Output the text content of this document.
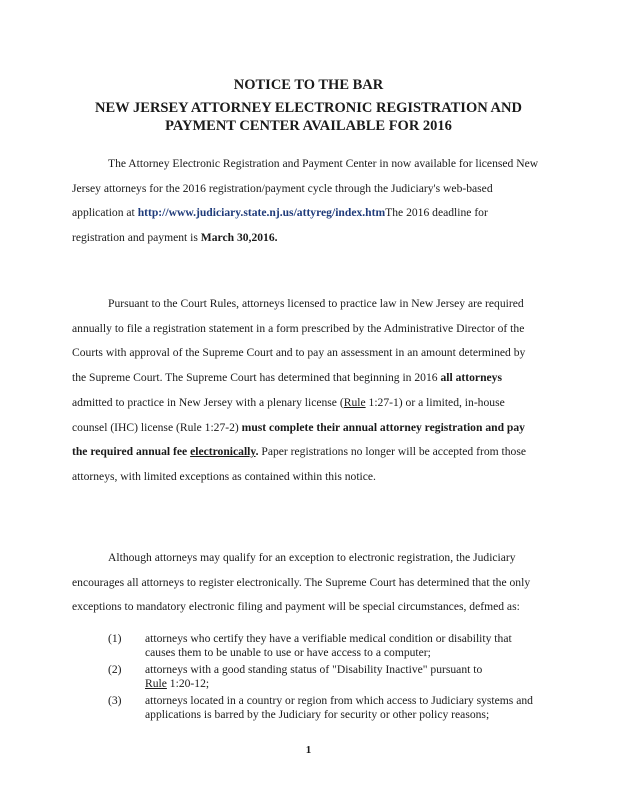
NOTICE TO THE BAR
NEW JERSEY ATTORNEY ELECTRONIC REGISTRATION AND
PAYMENT CENTER AVAILABLE FOR 2016
The Attorney Electronic Registration and Payment Center in now available for licensed New
Jersey attorneys for the 2016 registration/payment cycle through the Judiciary's web-based
application at http://www.judiciary.state.nj.us/attyreg/index.htmThe 2016 deadline for
registration and payment is March 30,2016.
Pursuant to the Court Rules, attorneys licensed to practice law in New Jersey are required
annually to file a registration statement in a form prescribed by the Administrative Director of the
Courts with approval of the Supreme Court and to pay an assessment in an amount determined by
the Supreme Court. The Supreme Court has determined that beginning in 2016 all attorneys
admitted to practice in New Jersey with a plenary license (Rule 1:27-1) or a limited, in-house
counsel (IHC) license (Rule 1:27-2) must complete their annual attorney registration and pay
the required annual fee electronically. Paper registrations no longer will be accepted from those
attorneys, with limited exceptions as contained within this notice.
Although attorneys may qualify for an exception to electronic registration, the Judiciary
encourages all attorneys to register electronically. The Supreme Court has determined that the only
exceptions to mandatory electronic filing and payment will be special circumstances, defmed as:
(1) attorneys who certify they have a verifiable medical condition or disability that
causes them to be unable to use or have access to a computer;
(2) attorneys with a good standing status of "Disability Inactive" pursuant to
Rule 1:20-12;
(3) attorneys located in a country or region from which access to Judiciary systems and
applications is barred by the Judiciary for security or other policy reasons;
1
